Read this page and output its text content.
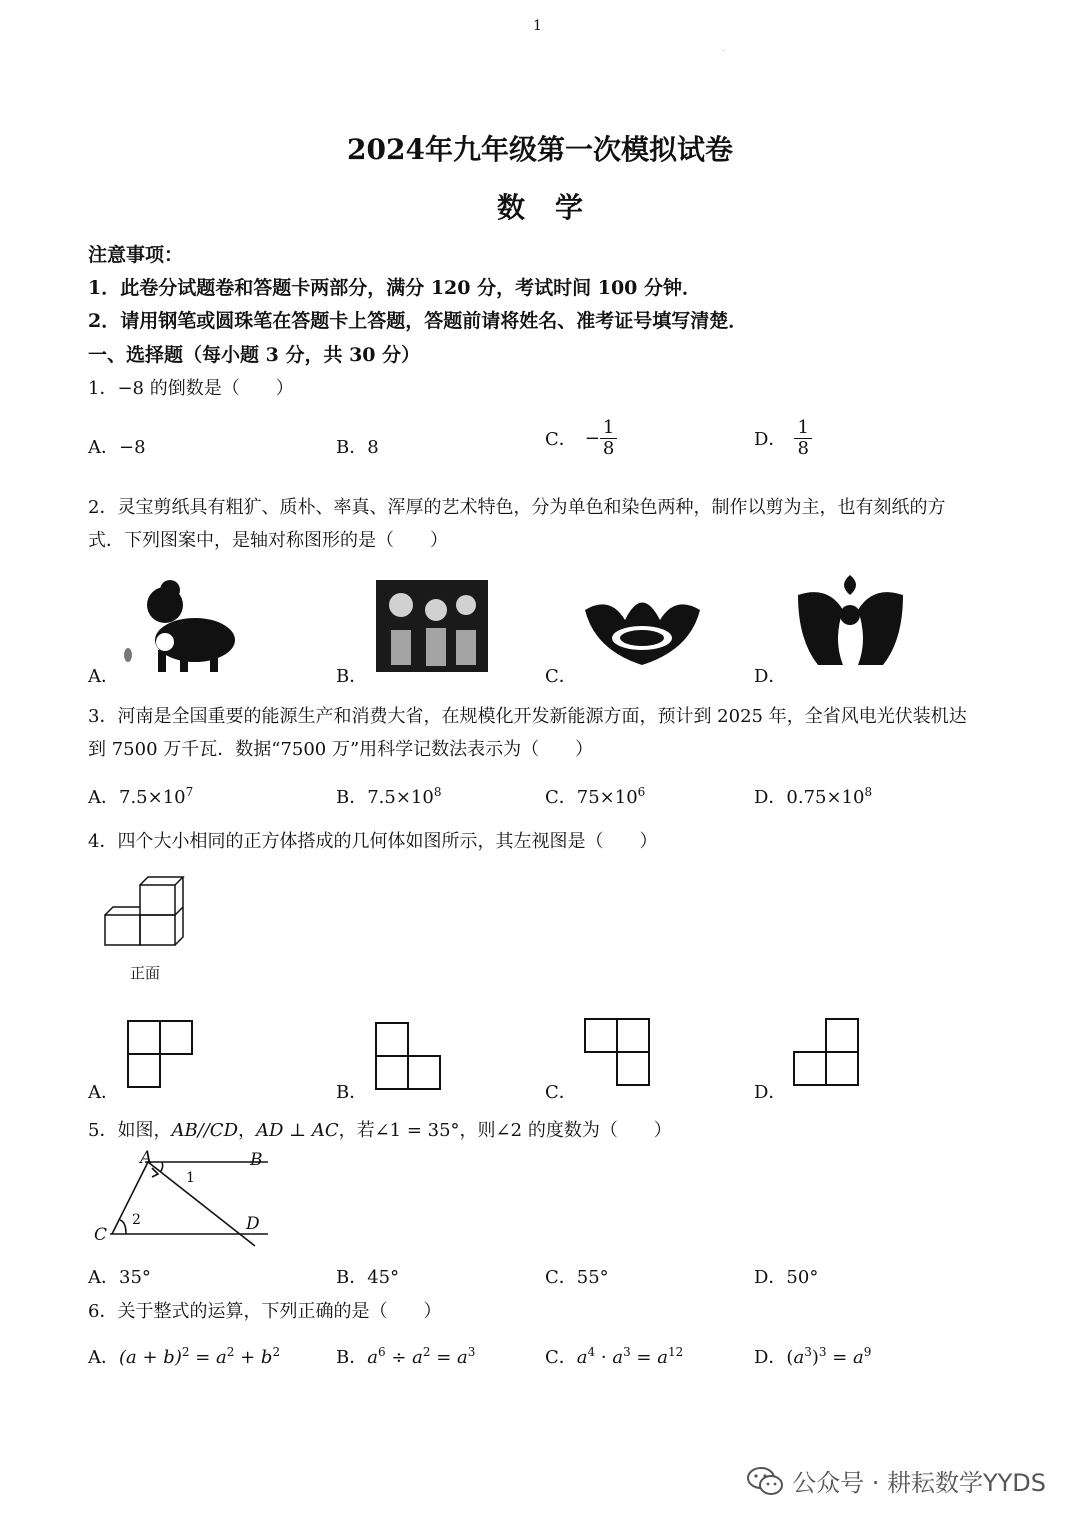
1
.
2024年九年级第一次模拟试卷
数学
注意事项：
1．此卷分试题卷和答题卡两部分，满分 120 分，考试时间 100 分钟．
2．请用钢笔或圆珠笔在答题卡上答题，答题前请将姓名、准考证号填写清楚．
一、选择题（每小题 3 分，共 30 分）
1．−8 的倒数是（　　）
A．−8	B．8	C． − $\frac{1}{8}$	D． $\frac{1}{8}$
2．灵宝剪纸具有粗犷、质朴、率真、浑厚的艺术特色，分为单色和染色两种，制作以剪为主，也有刻纸的方
式．下列图案中，是轴对称图形的是（　　）
A．	B．	C．	D．
3．河南是全国重要的能源生产和消费大省，在规模化开发新能源方面，预计到 2025 年，全省风电光伏装机达
到 7500 万千瓦．数据“7500 万”用科学记数法表示为（　　）
A．$7.5\times 10^7$	B．$7.5\times 10^8$	C．$75\times 10^6$	D．$0.75\times 10^8$
4．四个大小相同的正方体搭成的几何体如图所示，其左视图是（　　）
正面
A．	B．	C．	D．
5．如图，AB//CD，AD ⊥ AC，若∠1 = 35°，则∠2 的度数为（　　）
A	B
C
D
1
2
A．35°	B．45°	C．55°	D．50°
6．关于整式的运算，下列正确的是（　　）
A．$(a + b)^2 = a^2 + b^2$	B．$a^6 \div a^2 = a^3$	C．$a^4 \cdot a^3 = a^{12}$	D．$(a^3)^3 = a^9$
公众号 · 耕耘数学YYDS
